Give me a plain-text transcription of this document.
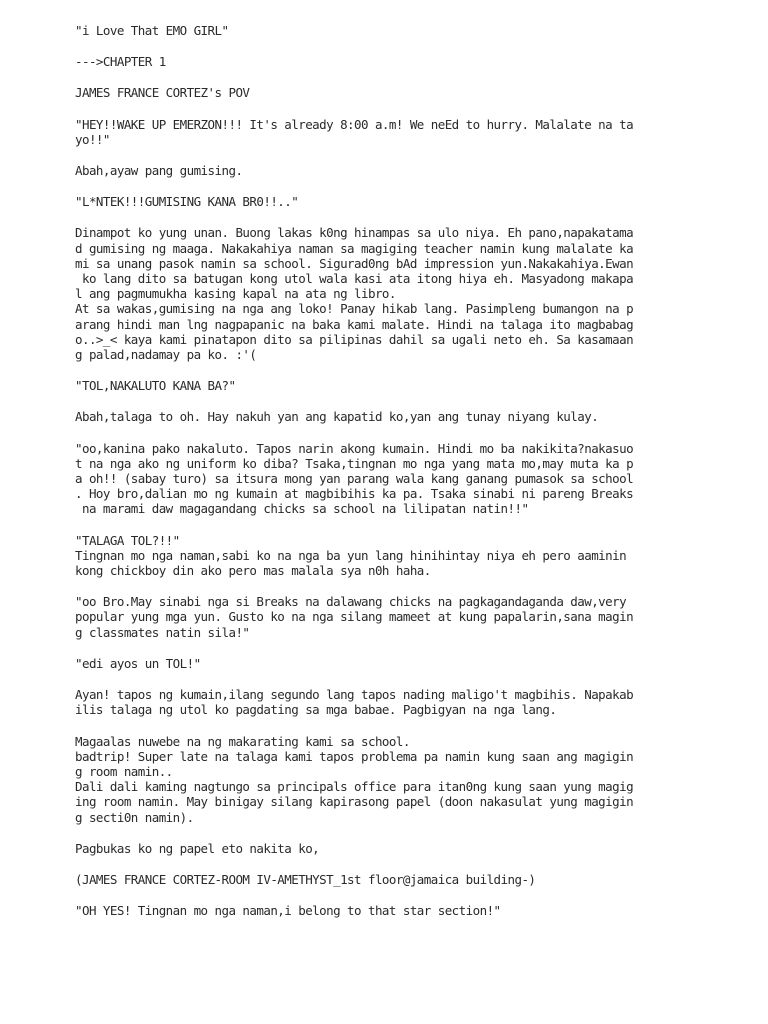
"i Love That EMO GIRL"

--->CHAPTER 1

JAMES FRANCE CORTEZ's POV

"HEY!!WAKE UP EMERZON!!! It's already 8:00 a.m! We neEd to hurry. Malalate na ta
yo!!"

Abah,ayaw pang gumising.

"L*NTEK!!!GUMISING KANA BR0!!.."

Dinampot ko yung unan. Buong lakas k0ng hinampas sa ulo niya. Eh pano,napakatama
d gumising ng maaga. Nakakahiya naman sa magiging teacher namin kung malalate ka
mi sa unang pasok namin sa school. Sigurad0ng bAd impression yun.Nakakahiya.Ewan
ko lang dito sa batugan kong utol wala kasi ata itong hiya eh. Masyadong makapa
l ang pagmumukha kasing kapal na ata ng libro.
At sa wakas,gumising na nga ang loko! Panay hikab lang. Pasimpleng bumangon na p
arang hindi man lng nagpapanic na baka kami malate. Hindi na talaga ito magbabag
o..>_< kaya kami pinatapon dito sa pilipinas dahil sa ugali neto eh. Sa kasamaan
g palad,nadamay pa ko. :'(

"TOL,NAKALUTO KANA BA?"

Abah,talaga to oh. Hay nakuh yan ang kapatid ko,yan ang tunay niyang kulay.

"oo,kanina pako nakaluto. Tapos narin akong kumain. Hindi mo ba nakikita?nakasuo
t na nga ako ng uniform ko diba? Tsaka,tingnan mo nga yang mata mo,may muta ka p
a oh!! (sabay turo) sa itsura mong yan parang wala kang ganang pumasok sa school
. Hoy bro,dalian mo ng kumain at magbibihis ka pa. Tsaka sinabi ni pareng Breaks
na marami daw magagandang chicks sa school na lilipatan natin!!"

"TALAGA TOL?!!"
Tingnan mo nga naman,sabi ko na nga ba yun lang hinihintay niya eh pero aaminin
kong chickboy din ako pero mas malala sya n0h haha.

"oo Bro.May sinabi nga si Breaks na dalawang chicks na pagkagandaganda daw,very
popular yung mga yun. Gusto ko na nga silang mameet at kung papalarin,sana magin
g classmates natin sila!"

"edi ayos un TOL!"

Ayan! tapos ng kumain,ilang segundo lang tapos nading maligo't magbihis. Napakab
ilis talaga ng utol ko pagdating sa mga babae. Pagbigyan na nga lang.

Magaalas nuwebe na ng makarating kami sa school.
badtrip! Super late na talaga kami tapos problema pa namin kung saan ang magigin
g room namin..
Dali dali kaming nagtungo sa principals office para itan0ng kung saan yung magig
ing room namin. May binigay silang kapirasong papel (doon nakasulat yung magigin
g secti0n namin).

Pagbukas ko ng papel eto nakita ko,

(JAMES FRANCE CORTEZ-ROOM IV-AMETHYST_1st floor@jamaica building-)

"OH YES! Tingnan mo nga naman,i belong to that star section!"
